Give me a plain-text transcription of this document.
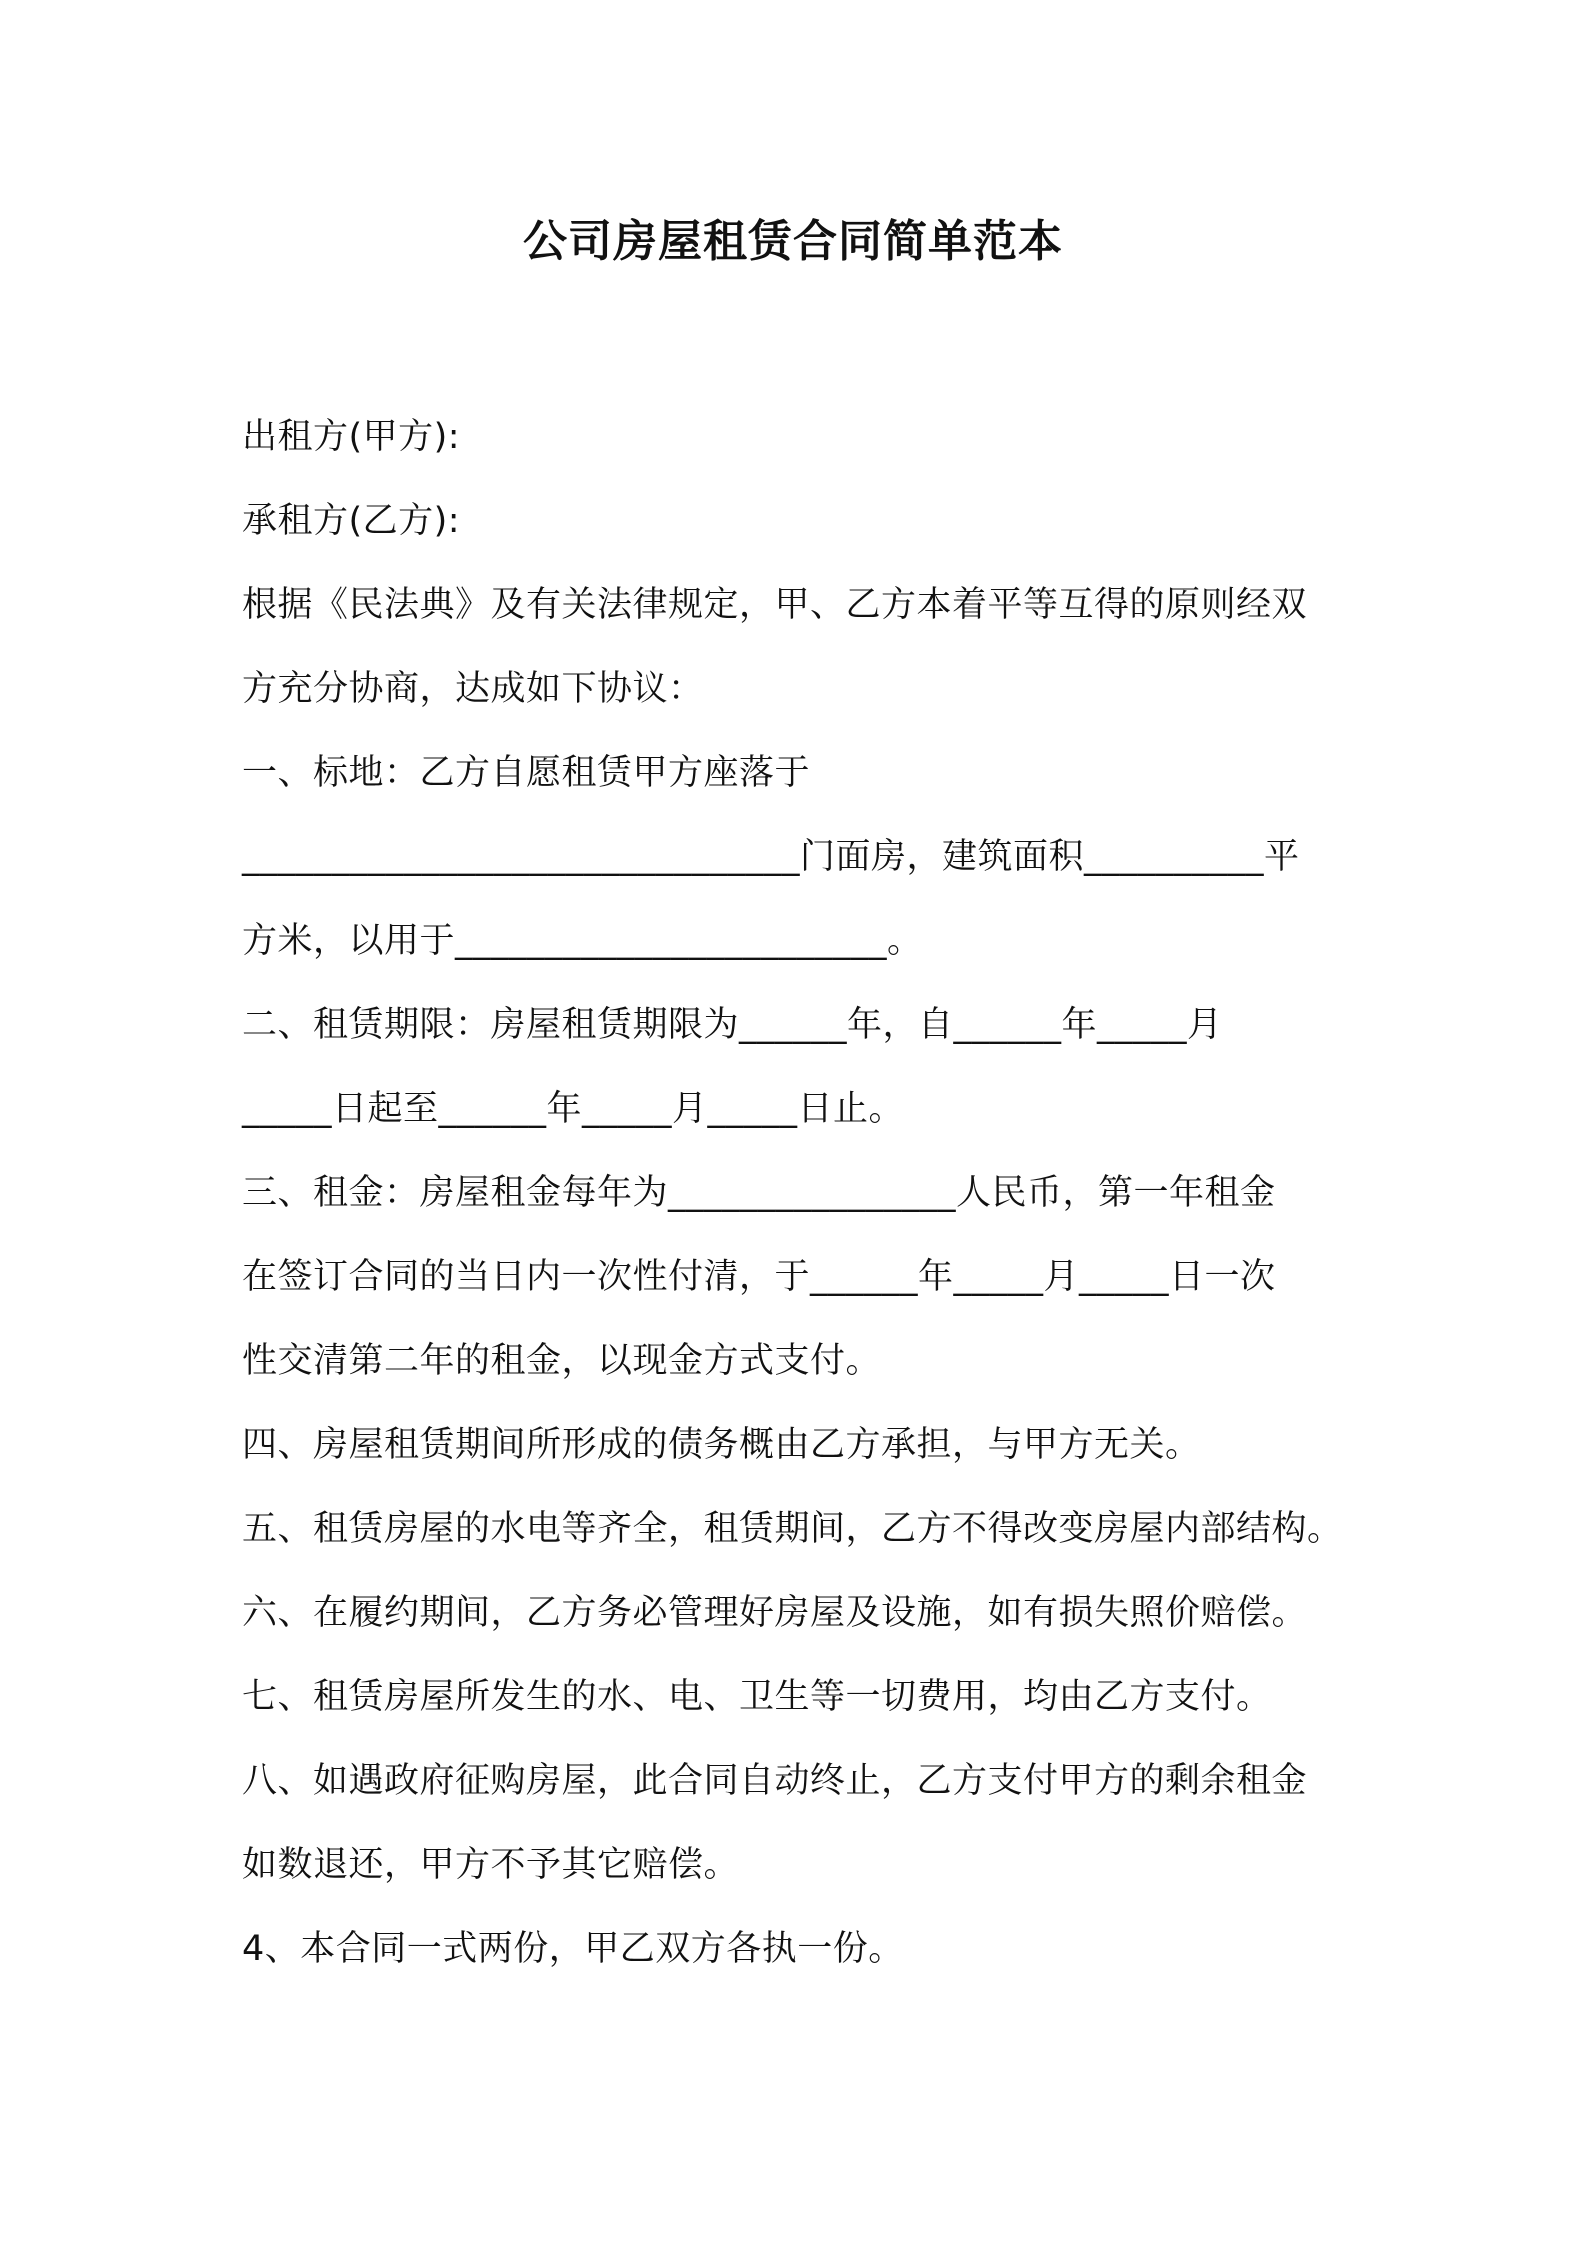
公司房屋租赁合同简单范本
出租方(甲方):
承租方(乙方):
根据《民法典》及有关法律规定，甲、乙方本着平等互得的原则经双
方充分协商，达成如下协议：
一、标地：乙方自愿租赁甲方座落于
_______________________________门面房，建筑面积__________平
方米，以用于________________________。
二、租赁期限：房屋租赁期限为______年，自______年_____月
_____日起至______年_____月_____日止。
三、租金：房屋租金每年为________________人民币，第一年租金
在签订合同的当日内一次性付清，于______年_____月_____日一次
性交清第二年的租金，以现金方式支付。
四、房屋租赁期间所形成的债务概由乙方承担，与甲方无关。
五、租赁房屋的水电等齐全，租赁期间，乙方不得改变房屋内部结构。
六、在履约期间，乙方务必管理好房屋及设施，如有损失照价赔偿。
七、租赁房屋所发生的水、电、卫生等一切费用，均由乙方支付。
八、如遇政府征购房屋，此合同自动终止，乙方支付甲方的剩余租金
如数退还，甲方不予其它赔偿。
4、本合同一式两份，甲乙双方各执一份。
